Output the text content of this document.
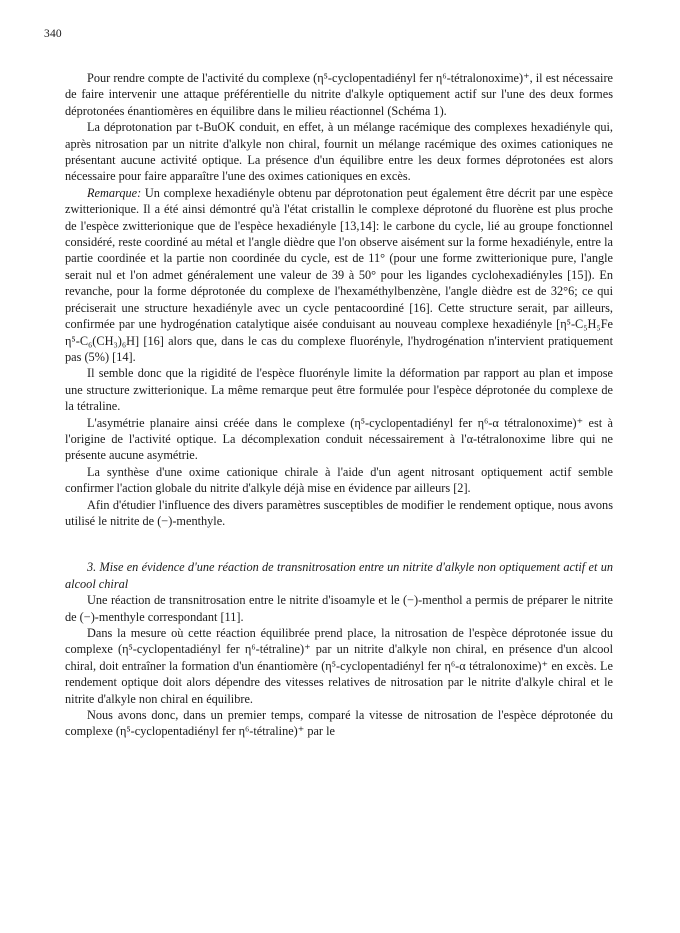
340

Pour rendre compte de l'activité du complexe (η⁵-cyclopentadiényl fer η⁶-tétralonoxime)⁺, il est nécessaire de faire intervenir une attaque préférentielle du nitrite d'alkyle optiquement actif sur l'une des deux formes déprotonées énantiomères en équilibre dans le milieu réactionnel (Schéma 1).

La déprotonation par t-BuOK conduit, en effet, à un mélange racémique des complexes hexadiényle qui, après nitrosation par un nitrite d'alkyle non chiral, fournit un mélange racémique des oximes cationiques ne présentant aucune activité optique. La présence d'un équilibre entre les deux formes déprotonées est alors nécessaire pour faire apparaître l'une des oximes cationiques en excès.

Remarque: Un complexe hexadiényle obtenu par déprotonation peut également être décrit par une espèce zwitterionique. Il a été ainsi démontré qu'à l'état cristallin le complexe déprotoné du fluorène est plus proche de l'espèce zwitterionique que de l'espèce hexadiényle [13,14]: le carbone du cycle, lié au groupe fonctionnel considéré, reste coordiné au métal et l'angle dièdre que l'on observe aisément sur la forme hexadiényle, entre la partie coordinée et la partie non coordinée du cycle, est de 11° (pour une forme zwitterionique pure, l'angle serait nul et l'on admet généralement une valeur de 39 à 50° pour les ligandes cyclohexadiényles [15]). En revanche, pour la forme déprotonée du complexe de l'hexaméthylbenzène, l'angle dièdre est de 32°6; ce qui préciserait une structure hexadiényle avec un cycle pentacoordiné [16]. Cette structure serait, par ailleurs, confirmée par une hydrogénation catalytique aisée conduisant au nouveau complexe hexadiényle [η⁵-C₅H₅Fe η⁵-C₆(CH₃)₆H] [16] alors que, dans le cas du complexe fluorényle, l'hydrogénation n'intervient pratiquement pas (5%) [14].

Il semble donc que la rigidité de l'espèce fluorényle limite la déformation par rapport au plan et impose une structure zwitterionique. La même remarque peut être formulée pour l'espèce déprotonée du complexe de la tétraline.

L'asymétrie planaire ainsi créée dans le complexe (η⁵-cyclopentadiényl fer η⁶-α tétralonoxime)⁺ est à l'origine de l'activité optique. La décomplexation conduit nécessairement à l'α-tétralonoxime libre qui ne présente aucune asymétrie.

La synthèse d'une oxime cationique chirale à l'aide d'un agent nitrosant optiquement actif semble confirmer l'action globale du nitrite d'alkyle déjà mise en évidence par ailleurs [2].

Afin d'étudier l'influence des divers paramètres susceptibles de modifier le rendement optique, nous avons utilisé le nitrite de (−)-menthyle.

3. Mise en évidence d'une réaction de transnitrosation entre un nitrite d'alkyle non optiquement actif et un alcool chiral

Une réaction de transnitrosation entre le nitrite d'isoamyle et le (−)-menthol a permis de préparer le nitrite de (−)-menthyle correspondant [11].

Dans la mesure où cette réaction équilibrée prend place, la nitrosation de l'espèce déprotonée issue du complexe (η⁵-cyclopentadiényl fer η⁶-tétraline)⁺ par un nitrite d'alkyle non chiral, en présence d'un alcool chiral, doit entraîner la formation d'un énantiomère (η⁵-cyclopentadiényl fer η⁶-α tétralonoxime)⁺ en excès. Le rendement optique doit alors dépendre des vitesses relatives de nitrosation par le nitrite d'alkyle chiral et le nitrite d'alkyle non chiral en équilibre.

Nous avons donc, dans un premier temps, comparé la vitesse de nitrosation de l'espèce déprotonée du complexe (η⁵-cyclopentadiényl fer η⁶-tétraline)⁺ par le
